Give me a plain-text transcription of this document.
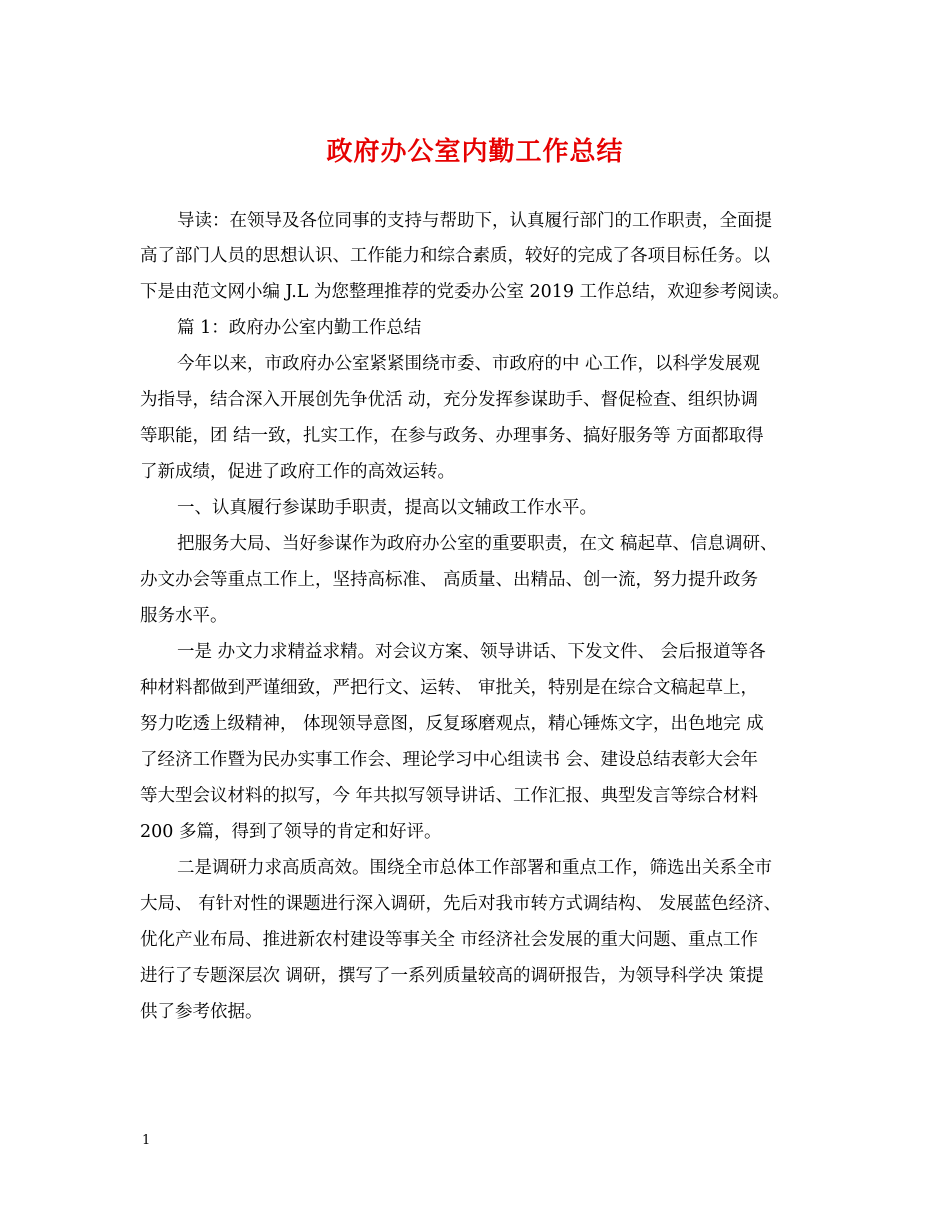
政府办公室内勤工作总结
导读：在领导及各位同事的支持与帮助下，认真履行部门的工作职责，全面提
高了部门人员的思想认识、工作能力和综合素质，较好的完成了各项目标任务。以
下是由范文网小编 J.L 为您整理推荐的党委办公室 2019 工作总结，欢迎参考阅读。
篇 1：政府办公室内勤工作总结
今年以来，市政府办公室紧紧围绕市委、市政府的中 心工作，以科学发展观
为指导，结合深入开展创先争优活 动，充分发挥参谋助手、督促检查、组织协调
等职能，团 结一致，扎实工作，在参与政务、办理事务、搞好服务等 方面都取得
了新成绩，促进了政府工作的高效运转。
一、认真履行参谋助手职责，提高以文辅政工作水平。
把服务大局、当好参谋作为政府办公室的重要职责，在文 稿起草、信息调研、
办文办会等重点工作上，坚持高标准、 高质量、出精品、创一流，努力提升政务
服务水平。
一是 办文力求精益求精。对会议方案、领导讲话、下发文件、 会后报道等各
种材料都做到严谨细致，严把行文、运转、 审批关，特别是在综合文稿起草上，
努力吃透上级精神， 体现领导意图，反复琢磨观点，精心锤炼文字，出色地完 成
了经济工作暨为民办实事工作会、理论学习中心组读书 会、建设总结表彰大会年
等大型会议材料的拟写，今 年共拟写领导讲话、工作汇报、典型发言等综合材料
200 多篇，得到了领导的肯定和好评。
二是调研力求高质高效。围绕全市总体工作部署和重点工作，筛选出关系全市
大局、 有针对性的课题进行深入调研，先后对我市转方式调结构、 发展蓝色经济、
优化产业布局、推进新农村建设等事关全 市经济社会发展的重大问题、重点工作
进行了专题深层次 调研，撰写了一系列质量较高的调研报告，为领导科学决 策提
供了参考依据。
1
